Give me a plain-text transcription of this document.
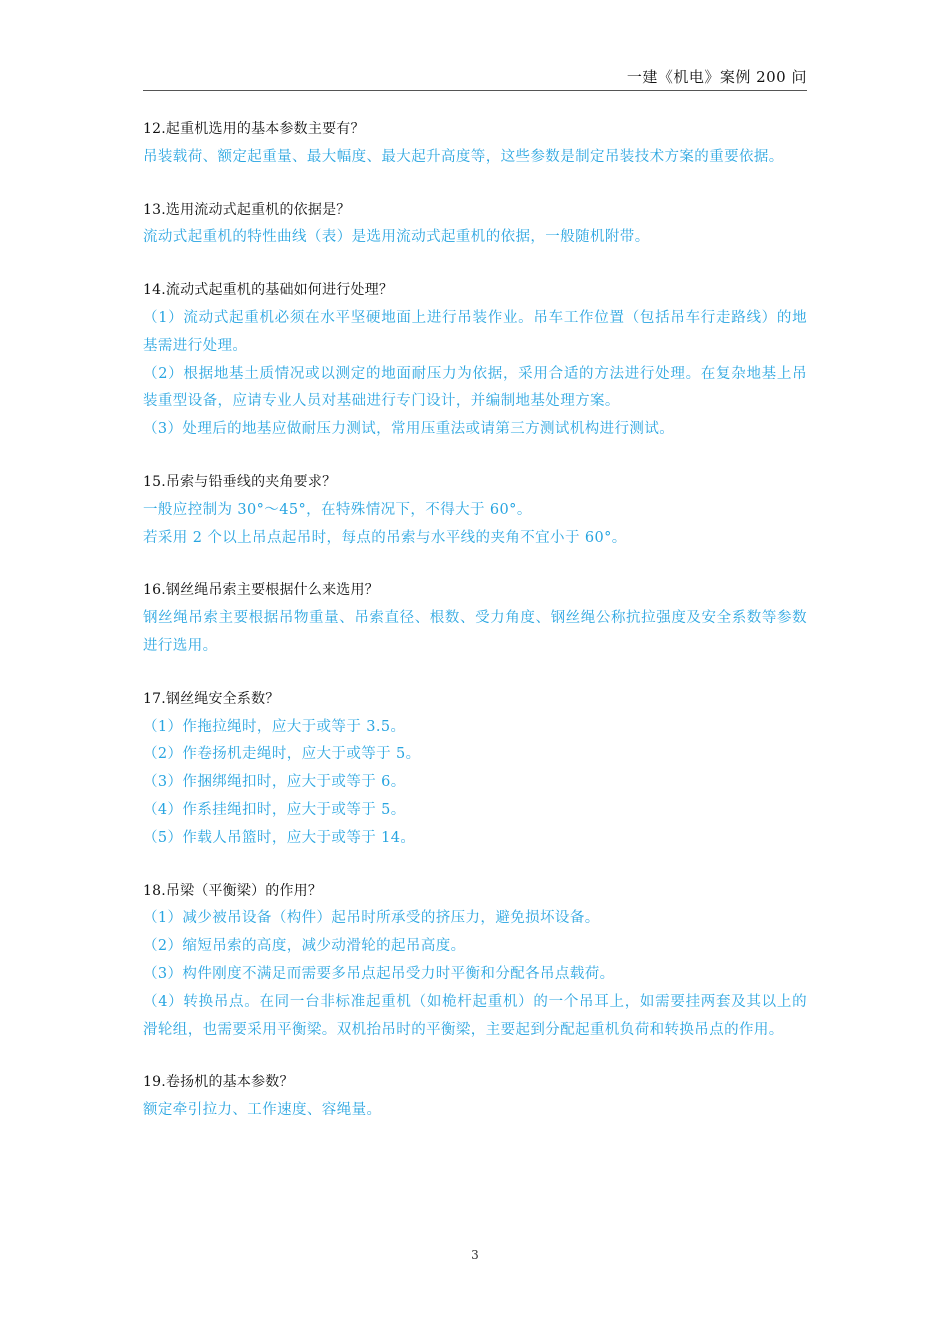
一建《机电》案例 200 问
12.起重机选用的基本参数主要有？
吊装载荷、额定起重量、最大幅度、最大起升高度等，这些参数是制定吊装技术方案的重要依据。
13.选用流动式起重机的依据是？
流动式起重机的特性曲线（表）是选用流动式起重机的依据，一般随机附带。
14.流动式起重机的基础如何进行处理？
（1）流动式起重机必须在水平坚硬地面上进行吊装作业。吊车工作位置（包括吊车行走路线）的地基需进行处理。
（2）根据地基土质情况或以测定的地面耐压力为依据，采用合适的方法进行处理。在复杂地基上吊装重型设备，应请专业人员对基础进行专门设计，并编制地基处理方案。
（3）处理后的地基应做耐压力测试，常用压重法或请第三方测试机构进行测试。
15.吊索与铅垂线的夹角要求？
一般应控制为 30°～45°，在特殊情况下，不得大于 60°。
若采用 2 个以上吊点起吊时，每点的吊索与水平线的夹角不宜小于 60°。
16.钢丝绳吊索主要根据什么来选用？
钢丝绳吊索主要根据吊物重量、吊索直径、根数、受力角度、钢丝绳公称抗拉强度及安全系数等参数进行选用。
17.钢丝绳安全系数？
（1）作拖拉绳时，应大于或等于 3.5。
（2）作卷扬机走绳时，应大于或等于 5。
（3）作捆绑绳扣时，应大于或等于 6。
（4）作系挂绳扣时，应大于或等于 5。
（5）作载人吊篮时，应大于或等于 14。
18.吊梁（平衡梁）的作用？
（1）减少被吊设备（构件）起吊时所承受的挤压力，避免损坏设备。
（2）缩短吊索的高度，减少动滑轮的起吊高度。
（3）构件刚度不满足而需要多吊点起吊受力时平衡和分配各吊点载荷。
（4）转换吊点。在同一台非标准起重机（如桅杆起重机）的一个吊耳上，如需要挂两套及其以上的滑轮组，也需要采用平衡梁。双机抬吊时的平衡梁，主要起到分配起重机负荷和转换吊点的作用。
19.卷扬机的基本参数？
额定牵引拉力、工作速度、容绳量。
3
